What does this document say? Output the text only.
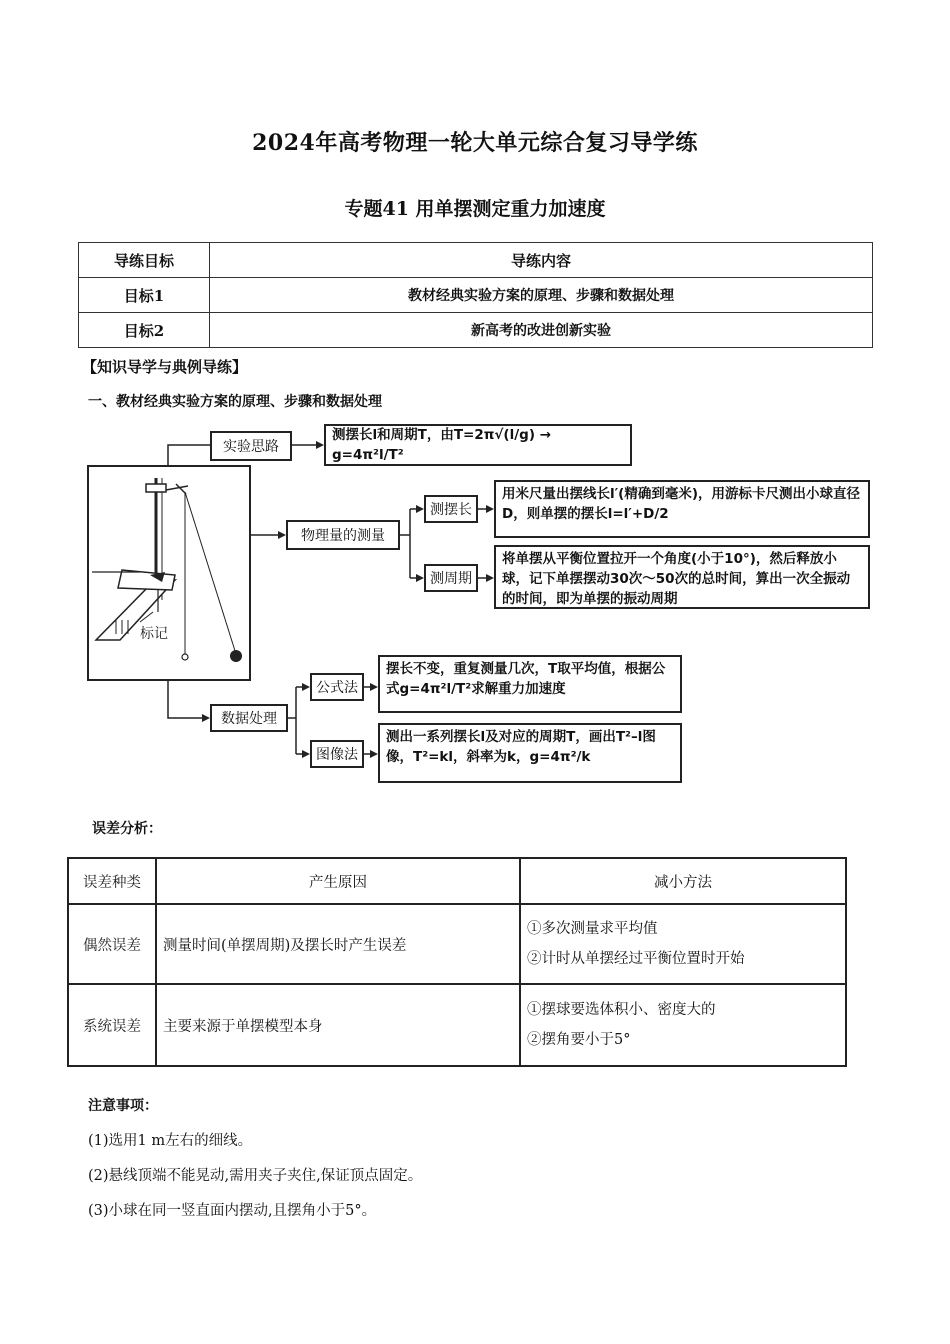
2024年高考物理一轮大单元综合复习导学练
专题41 用单摆测定重力加速度
导练目标	导练内容
目标1	教材经典实验方案的原理、步骤和数据处理
目标2	新高考的改进创新实验
【知识导学与典例导练】
一、教材经典实验方案的原理、步骤和数据处理
标记
实验思路
测摆长l和周期T，由T=2π√(l/g) → g=4π²l/T²
物理量的测量
测摆长
用米尺量出摆线长l′(精确到毫米)，用游标卡尺测出小球直径D，则单摆的摆长l=l′+D/2
测周期
将单摆从平衡位置拉开一个角度(小于10°)，然后释放小球，记下单摆摆动30次～50次的总时间，算出一次全振动的时间，即为单摆的振动周期
数据处理
公式法
摆长不变，重复测量几次，T取平均值，根据公式g=4π²l/T²求解重力加速度
图像法
测出一系列摆长l及对应的周期T，画出T²–l图像，T²=kl，斜率为k，g=4π²/k
误差分析：
误差种类	产生原因	减小方法
偶然误差	测量时间(单摆周期)及摆长时产生误差	①多次测量求平均值
②计时从单摆经过平衡位置时开始

系统误差	主要来源于单摆模型本身	①摆球要选体积小、密度大的
②摆角要小于5°
注意事项：
(1)选用1 m左右的细线。
(2)悬线顶端不能晃动,需用夹子夹住,保证顶点固定。
(3)小球在同一竖直面内摆动,且摆角小于5°。
